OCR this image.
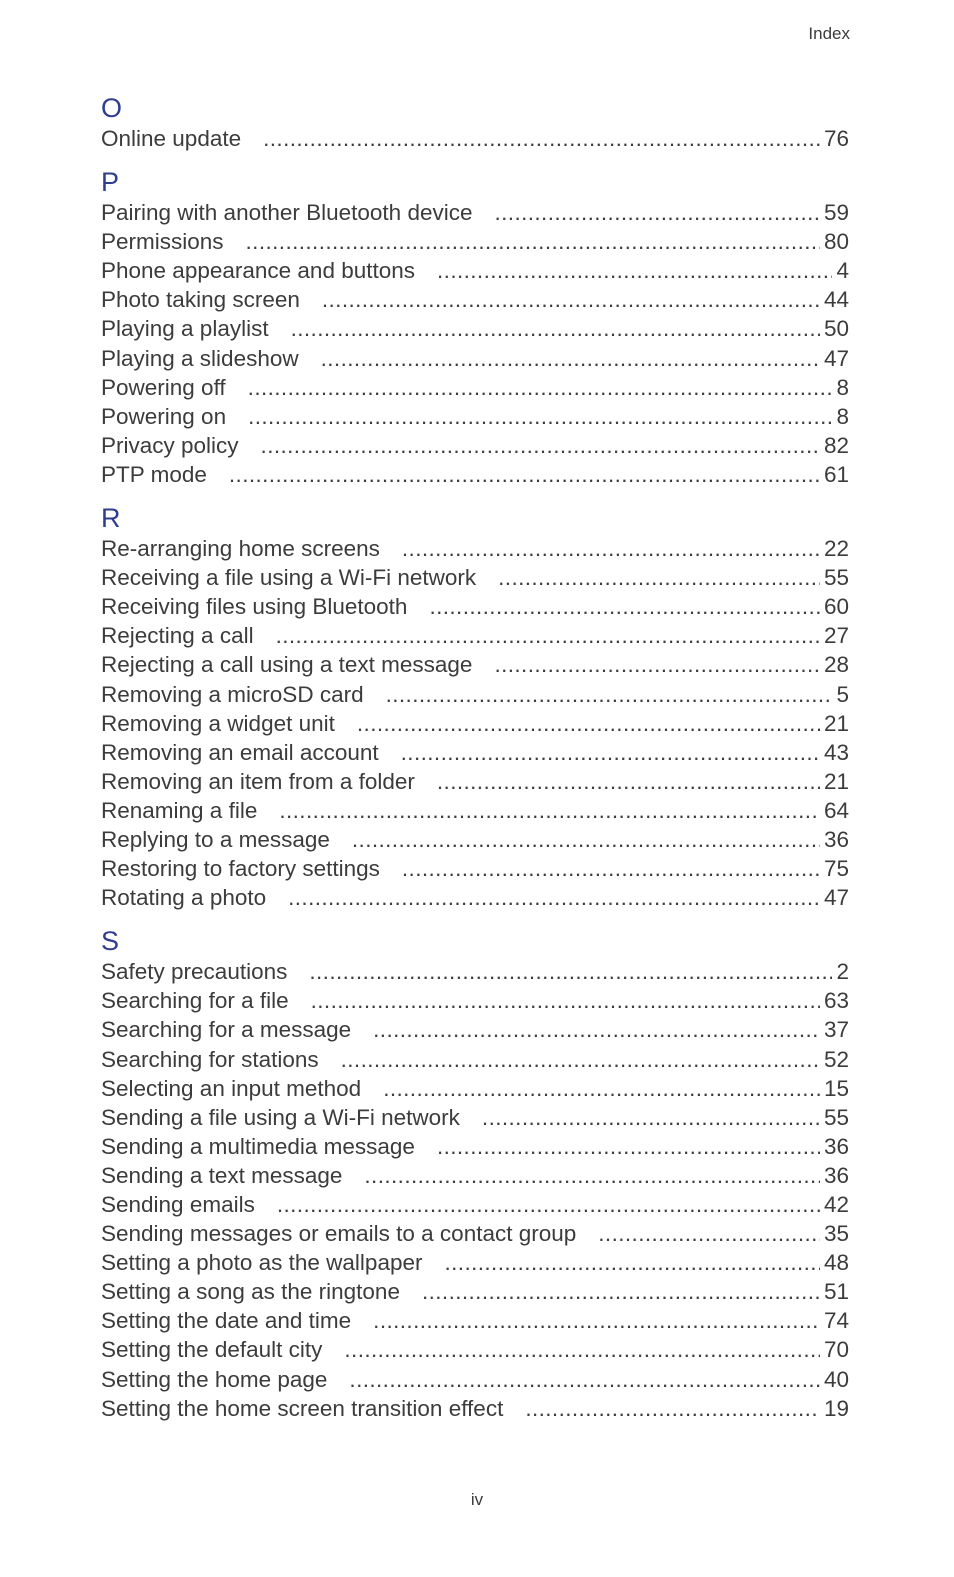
Index
O
Online update .....	76
P
Pairing with another Bluetooth device .....	59
Permissions .....	80
Phone appearance and buttons .....	4
Photo taking screen .....	44
Playing a playlist .....	50
Playing a slideshow .....	47
Powering off .....	8
Powering on .....	8
Privacy policy .....	82
PTP mode .....	61
R
Re-arranging home screens .....	22
Receiving a file using a Wi-Fi network .....	55
Receiving files using Bluetooth .....	60
Rejecting a call .....	27
Rejecting a call using a text message .....	28
Removing a microSD card .....	5
Removing a widget unit .....	21
Removing an email account .....	43
Removing an item from a folder .....	21
Renaming a file .....	64
Replying to a message .....	36
Restoring to factory settings .....	75
Rotating a photo .....	47
S
Safety precautions .....	2
Searching for a file .....	63
Searching for a message .....	37
Searching for stations .....	52
Selecting an input method .....	15
Sending a file using a Wi-Fi network .....	55
Sending a multimedia message .....	36
Sending a text message .....	36
Sending emails .....	42
Sending messages or emails to a contact group .....	35
Setting a photo as the wallpaper .....	48
Setting a song as the ringtone .....	51
Setting the date and time .....	74
Setting the default city .....	70
Setting the home page .....	40
Setting the home screen transition effect .....	19
iv
